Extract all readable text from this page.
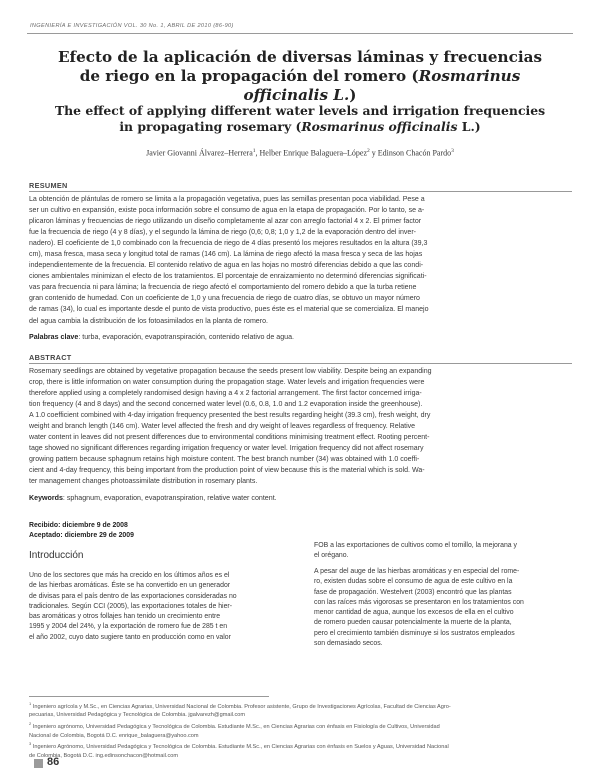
INGENIERÍA E INVESTIGACIÓN VOL. 30 No. 1, ABRIL DE 2010 (86-90)
Efecto de la aplicación de diversas láminas y frecuencias de riego en la propagación del romero (Rosmarinus officinalis L.)
The effect of applying different water levels and irrigation frequencies in propagating rosemary (Rosmarinus officinalis L.)
Javier Giovanni Álvarez–Herrera$^1$, Helber Enrique Balaguera–López$^2$ y Edinson Chacón Pardo$^3$
RESUMEN
La obtención de plántulas de romero se limita a la propagación vegetativa, pues las semillas presentan poca viabilidad. Pese a
ser un cultivo en expansión, existe poca información sobre el consumo de agua en la etapa de propagación. Por lo tanto, se a-
plicaron láminas y frecuencias de riego utilizando un diseño completamente al azar con arreglo factorial 4 x 2. El primer factor
fue la frecuencia de riego (4 y 8 días), y el segundo la lámina de riego (0,6; 0,8; 1,0 y 1,2 de la evaporación dentro del inver-
nadero). El coeficiente de 1,0 combinado con la frecuencia de riego de 4 días presentó los mejores resultados en la altura (39,3
cm), masa fresca, masa seca y longitud total de ramas (146 cm). La lámina de riego afectó la masa fresca y seca de las hojas
independientemente de la frecuencia. El contenido relativo de agua en las hojas no mostró diferencias debido a que las condi-
ciones ambientales minimizan el efecto de los tratamientos. El porcentaje de enraizamiento no determinó diferencias significati-
vas para frecuencia ni para lámina; la frecuencia de riego afectó el comportamiento del romero debido a que la turba retiene
gran contenido de humedad. Con un coeficiente de 1,0 y una frecuencia de riego de cuatro días, se obtuvo un mayor número
de ramas (34), lo cual es importante desde el punto de vista productivo, pues éste es el material que se comercializa. El manejo
del agua cambia la distribución de los fotoasimilados en la planta de romero.
Palabras clave: turba, evaporación, evapotranspiración, contenido relativo de agua.
ABSTRACT
Rosemary seedlings are obtained by vegetative propagation because the seeds present low viability. Despite being an expanding
crop, there is little information on water consumption during the propagation stage. Water levels and irrigation frequencies were
therefore applied using a completely randomised design having a 4 x 2 factorial arrangement. The first factor concerned irriga-
tion frequency (4 and 8 days) and the second concerned water level (0.6, 0.8, 1.0 and 1.2 evaporation inside the greenhouse).
A 1.0 coefficient combined with 4-day irrigation frequency presented the best results regarding height (39.3 cm), fresh weight, dry
weight and branch length (146 cm). Water level affected the fresh and dry weight of leaves regardless of frequency. Relative
water content in leaves did not present differences due to environmental conditions minimising treatment effect. Rooting percent-
tage showed no significant differences regarding irrigation frequency or water level. Irrigation frequency did not affect rosemary
growing pattern because sphagnum retains high moisture content. The best branch number (34) was obtained with 1.0 coeffi-
cient and 4-day frequency, this being important from the production point of view because this is the material which is sold. Wa-
ter management changes photoassimilate distribution in rosemary plants.
Keywords: sphagnum, evaporation, evapotranspiration, relative water content.
Recibido: diciembre 9 de 2008
Aceptado: diciembre 29 de 2009
Introducción
Uno de los sectores que más ha crecido en los últimos años es el
de las hierbas aromáticas. Éste se ha convertido en un generador
de divisas para el país dentro de las exportaciones consideradas no
tradicionales. Según CCI (2005), las exportaciones totales de hier-
bas aromáticas y otros follajes han tenido un crecimiento entre
1995 y 2004 del 24%, y la exportación de romero fue de 285 t en
el año 2002, cuyo dato sugiere tanto en producción como en valor
FOB a las exportaciones de cultivos como el tomillo, la mejorana y
el orégano.
A pesar del auge de las hierbas aromáticas y en especial del rome-
ro, existen dudas sobre el consumo de agua de este cultivo en la
fase de propagación. Westelvert (2003) encontró que las plantas
con las raíces más vigorosas se presentaron en los tratamientos con
menor cantidad de agua, aunque los excesos de ella en el cultivo
de romero pueden causar potencialmente la muerte de la planta,
pero el crecimiento también disminuye si los sustratos empleados
son demasiado secos.
$^1$ Ingeniero agrícola y M.Sc., en Ciencias Agrarias, Universidad Nacional de Colombia. Profesor asistente, Grupo de Investigaciones Agrícolas, Facultad de Ciencias Agro-
pecuarias, Universidad Pedagógica y Tecnológica de Colombia. jgalvarezh@gmail.com
$^2$ Ingeniero agrónomo, Universidad Pedagógica y Tecnológica de Colombia. Estudiante M.Sc., en Ciencias Agrarias con énfasis en Fisiología de Cultivos, Universidad
Nacional de Colombia, Bogotá D.C. enrique_balaguera@yahoo.com
$^3$ Ingeniero Agrónomo, Universidad Pedagógica y Tecnológica de Colombia. Estudiante M.Sc., en Ciencias Agrarias con énfasis en Suelos y Aguas, Universidad Nacional
de Colombia, Bogotá D.C. ing.edinsonchacon@hotmail.com
86
